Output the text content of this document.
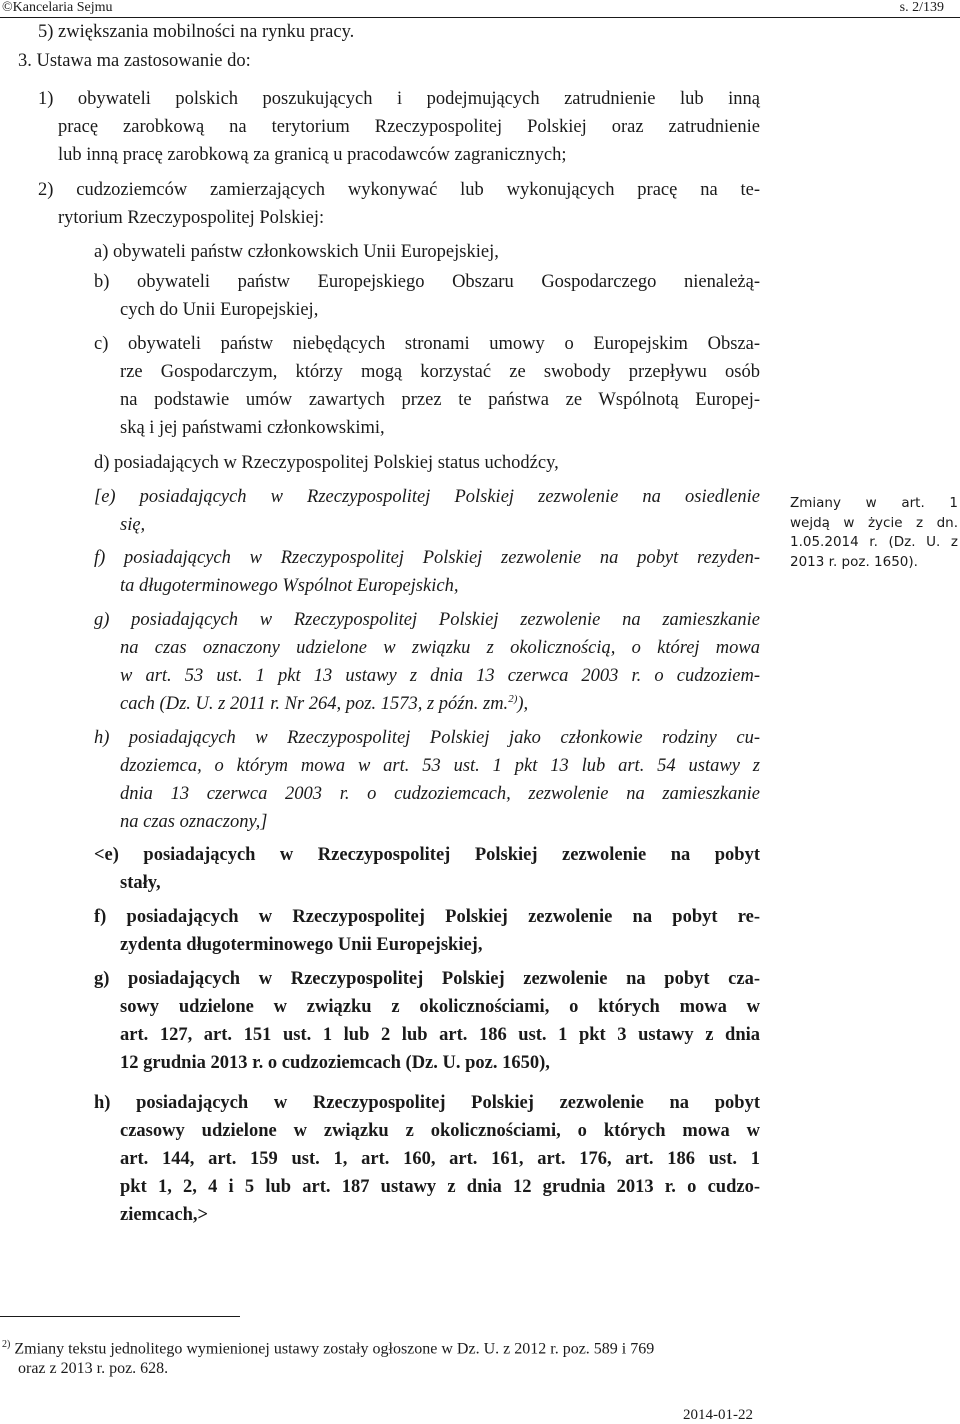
©Kancelaria Sejmu	s. 2/139
5) zwiększania mobilności na rynku pracy.
3. Ustawa ma zastosowanie do:
1) obywateli polskich poszukujących i podejmujących zatrudnienie lub inną
pracę zarobkową na terytorium Rzeczypospolitej Polskiej oraz zatrudnienie
lub inną pracę zarobkową za granicą u pracodawców zagranicznych;
2) cudzoziemców zamierzających wykonywać lub wykonujących pracę na te-
rytorium Rzeczypospolitej Polskiej:
a) obywateli państw członkowskich Unii Europejskiej,
b) obywateli państw Europejskiego Obszaru Gospodarczego nienależą-
cych do Unii Europejskiej,
c) obywateli państw niebędących stronami umowy o Europejskim Obsza-
rze Gospodarczym, którzy mogą korzystać ze swobody przepływu osób
na podstawie umów zawartych przez te państwa ze Wspólnotą Europej-
ską i jej państwami członkowskimi,
d) posiadających w Rzeczypospolitej Polskiej status uchodźcy,
[e) posiadających w Rzeczypospolitej Polskiej zezwolenie na osiedlenie
się,
f) posiadających w Rzeczypospolitej Polskiej zezwolenie na pobyt rezyden-
ta długoterminowego Wspólnot Europejskich,
g) posiadających w Rzeczypospolitej Polskiej zezwolenie na zamieszkanie
na czas oznaczony udzielone w związku z okolicznością, o której mowa
w art. 53 ust. 1 pkt 13 ustawy z dnia 13 czerwca 2003 r. o cudzoziem-
cach (Dz. U. z 2011 r. Nr 264, poz. 1573, z późn. zm.$^{2)}$),
h) posiadających w Rzeczypospolitej Polskiej jako członkowie rodziny cu-
dzoziemca, o którym mowa w art. 53 ust. 1 pkt 13 lub art. 54 ustawy z
dnia 13 czerwca 2003 r. o cudzoziemcach, zezwolenie na zamieszkanie
na czas oznaczony,]
<e) posiadających w Rzeczypospolitej Polskiej zezwolenie na pobyt
stały,
f) posiadających w Rzeczypospolitej Polskiej zezwolenie na pobyt re-
zydenta długoterminowego Unii Europejskiej,
g) posiadających w Rzeczypospolitej Polskiej zezwolenie na pobyt cza-
sowy udzielone w związku z okolicznościami, o których mowa w
art. 127, art. 151 ust. 1 lub 2 lub art. 186 ust. 1 pkt 3 ustawy z dnia
12 grudnia 2013 r. o cudzoziemcach (Dz. U. poz. 1650),
h) posiadających w Rzeczypospolitej Polskiej zezwolenie na pobyt
czasowy udzielone w związku z okolicznościami, o których mowa w
art. 144, art. 159 ust. 1, art. 160, art. 161, art. 176, art. 186 ust. 1
pkt 1, 2, 4 i 5 lub art. 187 ustawy z dnia 12 grudnia 2013 r. o cudzo-
ziemcach,>
Zmiany w art. 1
wejdą w życie z dn.
1.05.2014 r. (Dz. U. z
2013 r. poz. 1650).
$^{2)}$ Zmiany tekstu jednolitego wymienionej ustawy zostały ogłoszone w Dz. U. z 2012 r. poz. 589 i 769
oraz z 2013 r. poz. 628.
2014-01-22
